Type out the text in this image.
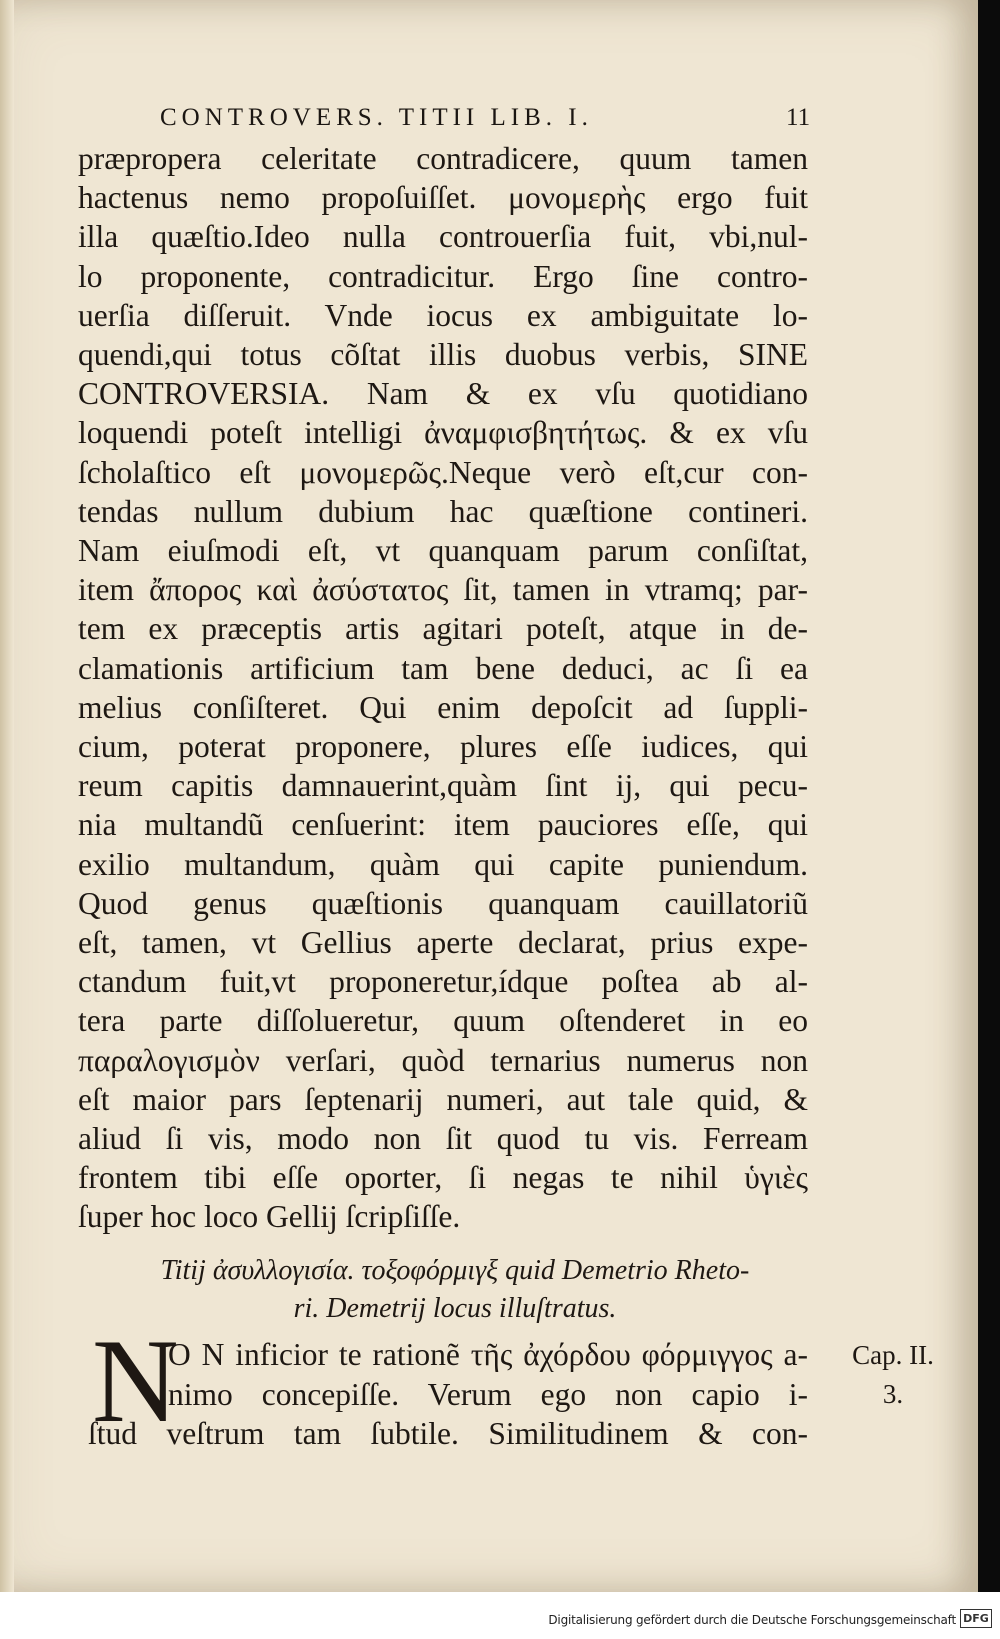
CONTROVERS. TITII LIB. I.	11
præpropera celeritate contradicere, quum tamen
hactenus nemo propoſuiſſet. μονομερὴς ergo fuit
illa quæſtio.Ideo nulla controuerſia fuit, vbi,nul-
lo proponente, contradicitur. Ergo ſine contro-
uerſia diſſeruit. Vnde iocus ex ambiguitate lo-
quendi,qui totus cõſtat illis duobus verbis, SINE
CONTROVERSIA. Nam & ex vſu quotidiano
loquendi poteſt intelligi ἀναμφισβητήτως. & ex vſu
ſcholaſtico eſt μονομερῶς.Neque verò eſt,cur con-
tendas nullum dubium hac quæſtione contineri.
Nam eiuſmodi eſt, vt quanquam parum conſiſtat,
item ἄπορος καὶ ἀσύστατος ſit, tamen in vtramq; par-
tem ex præceptis artis agitari poteſt, atque in de-
clamationis artificium tam bene deduci, ac ſi ea
melius conſiſteret. Qui enim depoſcit ad ſuppli-
cium, poterat proponere, plures eſſe iudices, qui
reum capitis damnauerint,quàm ſint ij, qui pecu-
nia multandũ cenſuerint: item pauciores eſſe, qui
exilio multandum, quàm qui capite puniendum.
Quod genus quæſtionis quanquam cauillatoriũ
eſt, tamen, vt Gellius aperte declarat, prius expe-
ctandum fuit,vt proponeretur,ídque poſtea ab al-
tera parte diſſolueretur, quum oſtenderet in eo
παραλογισμὸν verſari, quòd ternarius numerus non
eſt maior pars ſeptenarij numeri, aut tale quid, &
aliud ſi vis, modo non ſit quod tu vis. Ferream
frontem tibi eſſe oporter, ſi negas te nihil ὑγιὲς
ſuper hoc loco Gellij ſcripſiſſe.
Titij ἀσυλλογισία. τοξοφόρμιγξ quid Demetrio Rheto-
ri. Demetrij locus illuſtratus.
N
O N inficior te rationẽ τῆς ἀχόρδου φόρμιγγος a-
nimo concepiſſe. Verum ego non capio i-
ſtud veſtrum tam ſubtile. Similitudinem & con-
Cap. II.
3.
Digitalisierung gefördert durch die Deutsche Forschungsgemeinschaft DFG
